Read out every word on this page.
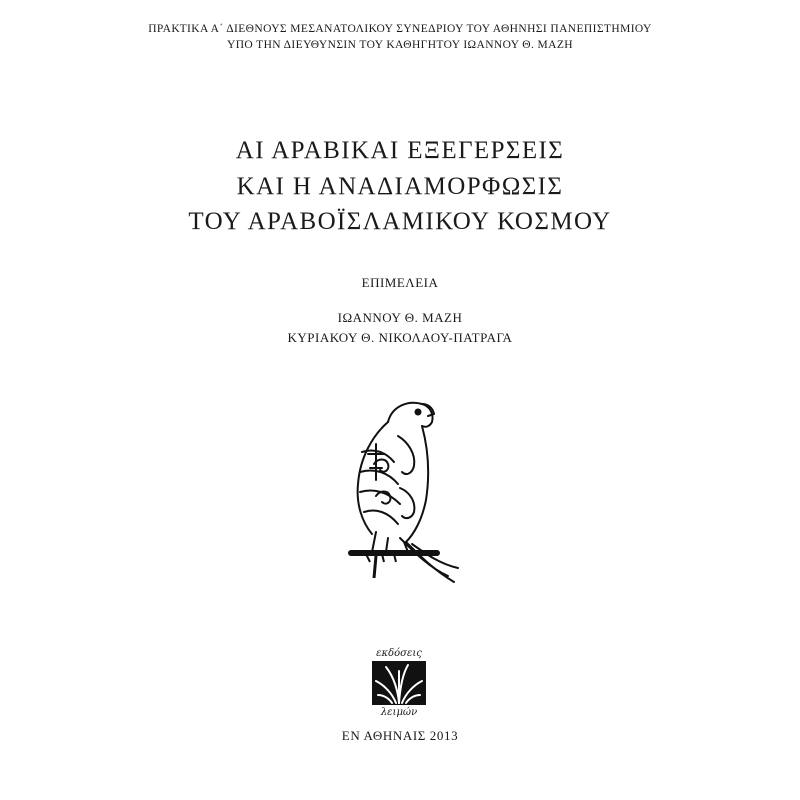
ΠΡΑΚΤΙΚΑ Α΄ ΔΙΕΘΝΟΥΣ ΜΕΣΑΝΑΤΟΛΙΚΟΥ ΣΥΝΕΔΡΙΟΥ ΤΟΥ ΑΘΗΝΗΣΙ ΠΑΝΕΠΙΣΤΗΜΙΟΥ
ΥΠΟ ΤΗΝ ΔΙΕΥΘΥΝΣΙΝ ΤΟΥ ΚΑΘΗΓΗΤΟΥ ΙΩΑΝΝΟΥ Θ. ΜΑΖΗ
ΑΙ ΑΡΑΒΙΚΑΙ ΕΞΕΓΕΡΣΕΙΣ
ΚΑΙ Η ΑΝΑΔΙΑΜΟΡΦΩΣΙΣ
ΤΟΥ ΑΡΑΒΟΪΣΛΑΜΙΚΟΥ ΚΟΣΜΟΥ
ΕΠΙΜΕΛΕΙΑ
ΙΩΑΝΝΟΥ Θ. ΜΑΖΗ
ΚΥΡΙΑΚΟΥ Θ. ΝΙΚΟΛΑΟΥ-ΠΑΤΡΑΓΑ
εκδόσεις
λειμών
ΕΝ ΑΘΗΝΑΙΣ 2013
